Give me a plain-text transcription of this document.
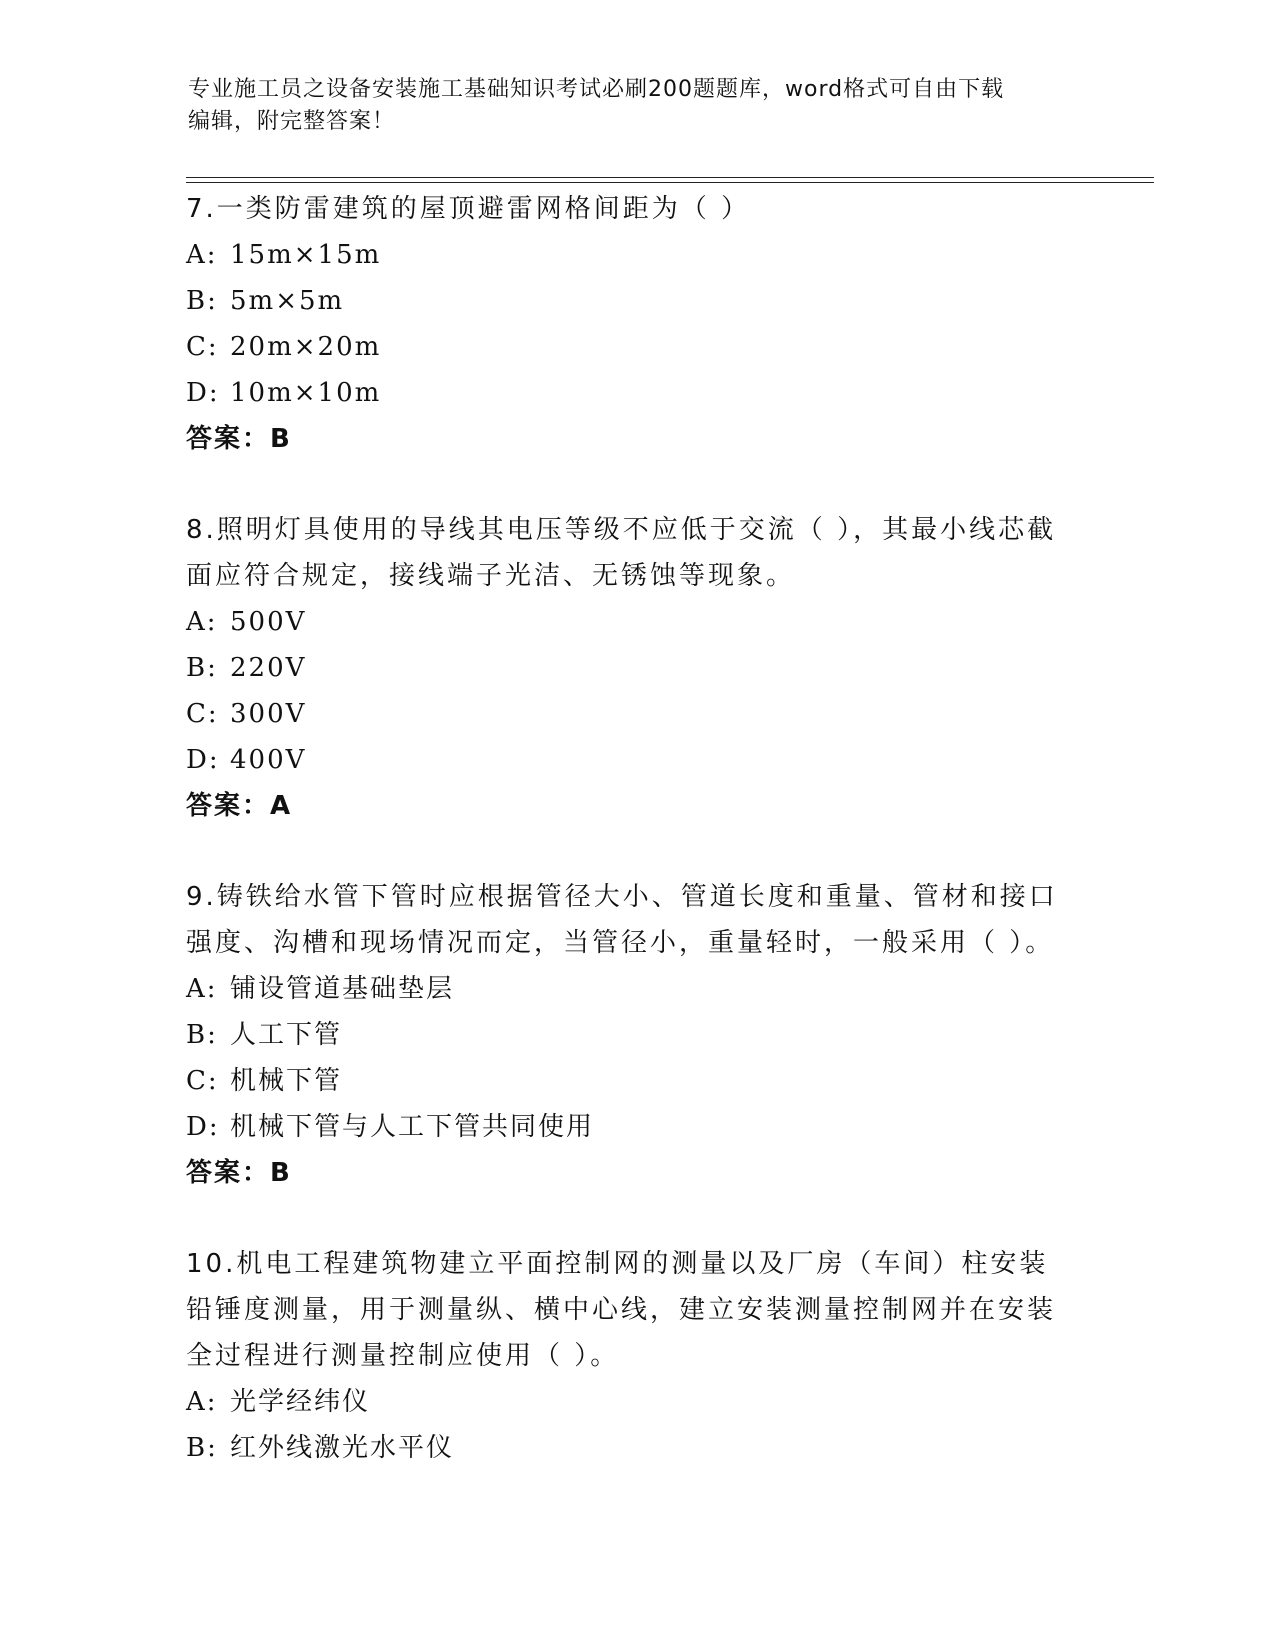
专业施工员之设备安装施工基础知识考试必刷200题题库，word格式可自由下载
编辑，附完整答案！

7.一类防雷建筑的屋顶避雷网格间距为（ ）

A: 15m×15m
B: 5m×5m
C: 20m×20m
D: 10m×10m
答案：B

8.照明灯具使用的导线其电压等级不应低于交流（ ），其最小线芯截面应符合规定，接线端子光洁、无锈蚀等现象。

A: 500V
B: 220V
C: 300V
D: 400V
答案：A

9.铸铁给水管下管时应根据管径大小、管道长度和重量、管材和接口强度、沟槽和现场情况而定，当管径小，重量轻时，一般采用（ ）。

A: 铺设管道基础垫层
B: 人工下管
C: 机械下管
D: 机械下管与人工下管共同使用
答案：B

10.机电工程建筑物建立平面控制网的测量以及厂房（车间）柱安装铅锤度测量，用于测量纵、横中心线，建立安装测量控制网并在安装全过程进行测量控制应使用（ ）。

A: 光学经纬仪
B: 红外线激光水平仪
